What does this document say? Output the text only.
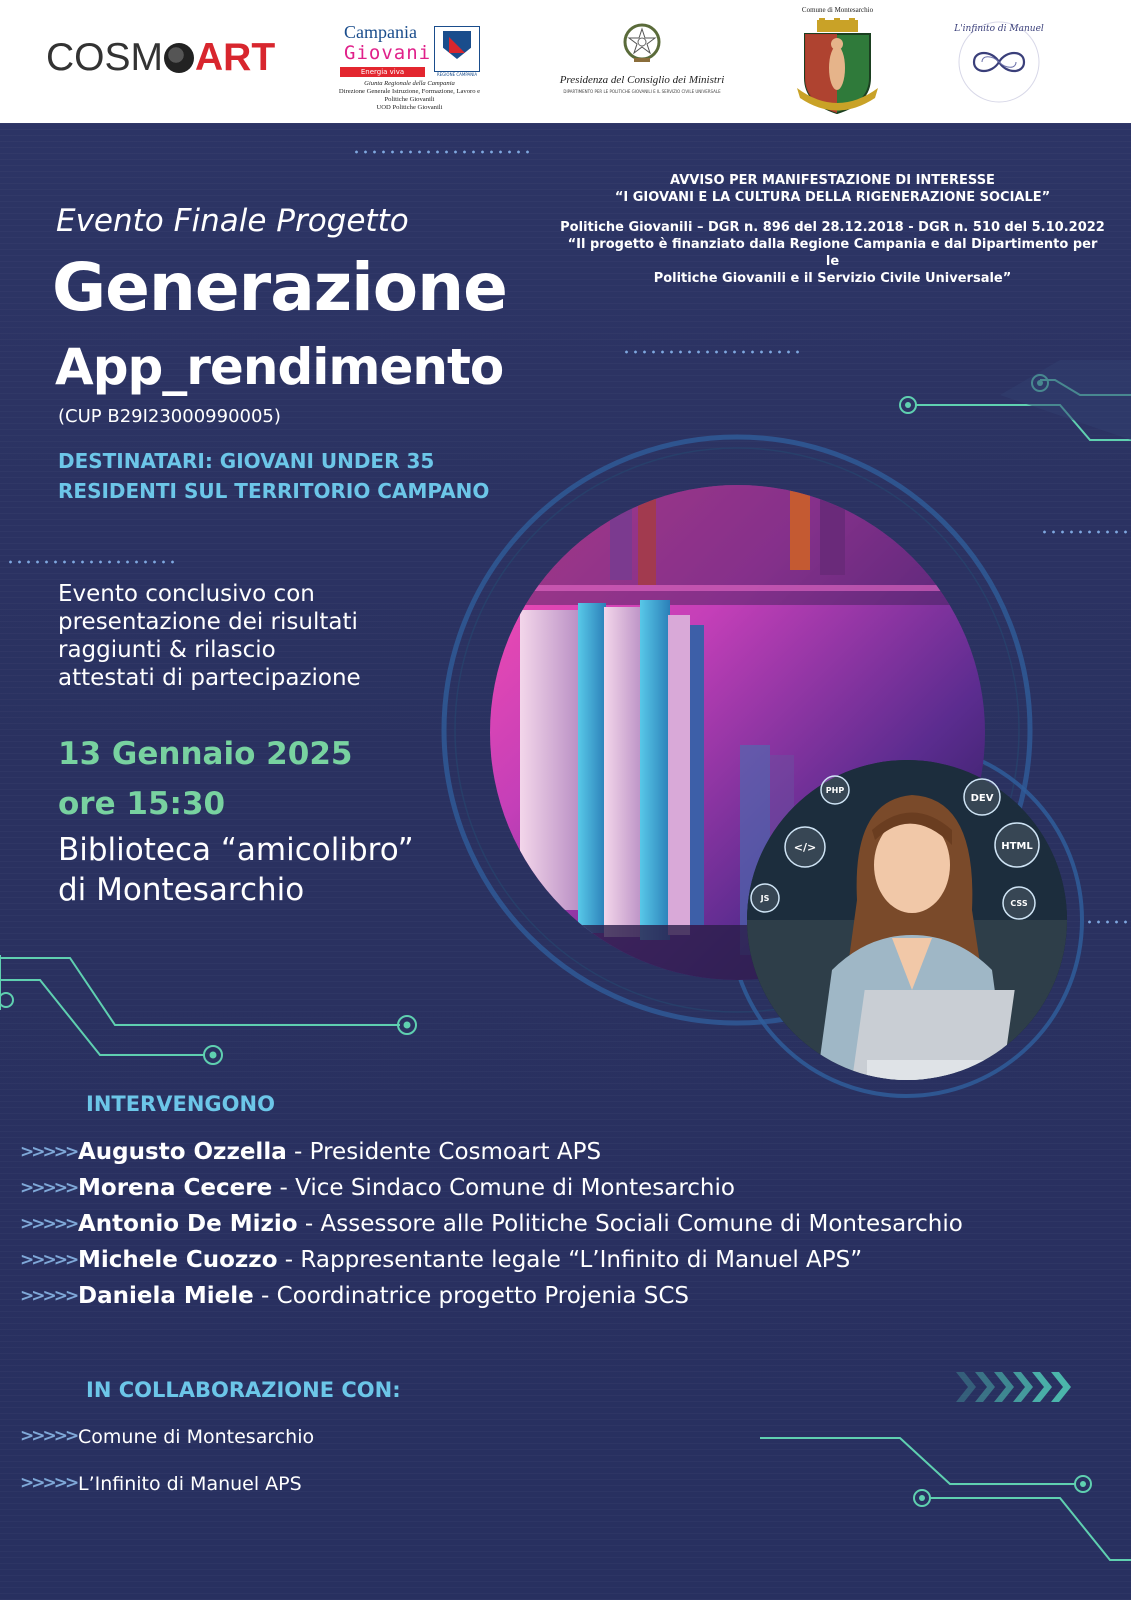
COSM ART
Campania
Giovani
Energia viva	REGIONE CAMPANIA
Giunta Regionale della Campania
Direzione Generale Istruzione, Formazione, Lavoro e
Politiche Giovanili
UOD Politiche Giovanili
Presidenza del Consiglio dei Ministri
DIPARTIMENTO PER LE POLITICHE GIOVANILI E IL SERVIZIO CIVILE UNIVERSALE
Comune di Montesarchio
L'infinito di Manuel
AVVISO PER MANIFESTAZIONE DI INTERESSE
“I GIOVANI E LA CULTURA DELLA RIGENERAZIONE SOCIALE”
Politiche Giovanili – DGR n. 896 del 28.12.2018 - DGR n. 510 del 5.10.2022
“Il progetto è finanziato dalla Regione Campania e dal Dipartimento per le
Politiche Giovanili e il Servizio Civile Universale”
Evento Finale Progetto
Generazione
App_rendimento
(CUP B29I23000990005)
DESTINATARI: GIOVANI UNDER 35
RESIDENTI SUL TERRITORIO CAMPANO
Evento conclusivo con
presentazione dei risultati
raggiunti & rilascio
attestati di partecipazione
13 Gennaio 2025
ore 15:30
Biblioteca “amicolibro”
di Montesarchio
PHP
DEV
</>	HTML
JS
CSS
INTERVENGONO
>>>>>Augusto Ozzella - Presidente Cosmoart APS
>>>>>Morena Cecere - Vice Sindaco Comune di Montesarchio
>>>>>Antonio De Mizio - Assessore alle Politiche Sociali Comune di Montesarchio
>>>>>Michele Cuozzo - Rappresentante legale “L’Infinito di Manuel APS”
>>>>>Daniela Miele - Coordinatrice progetto Projenia SCS
IN COLLABORAZIONE CON:
>>>>>Comune di Montesarchio
>>>>>L’Infinito di Manuel APS
